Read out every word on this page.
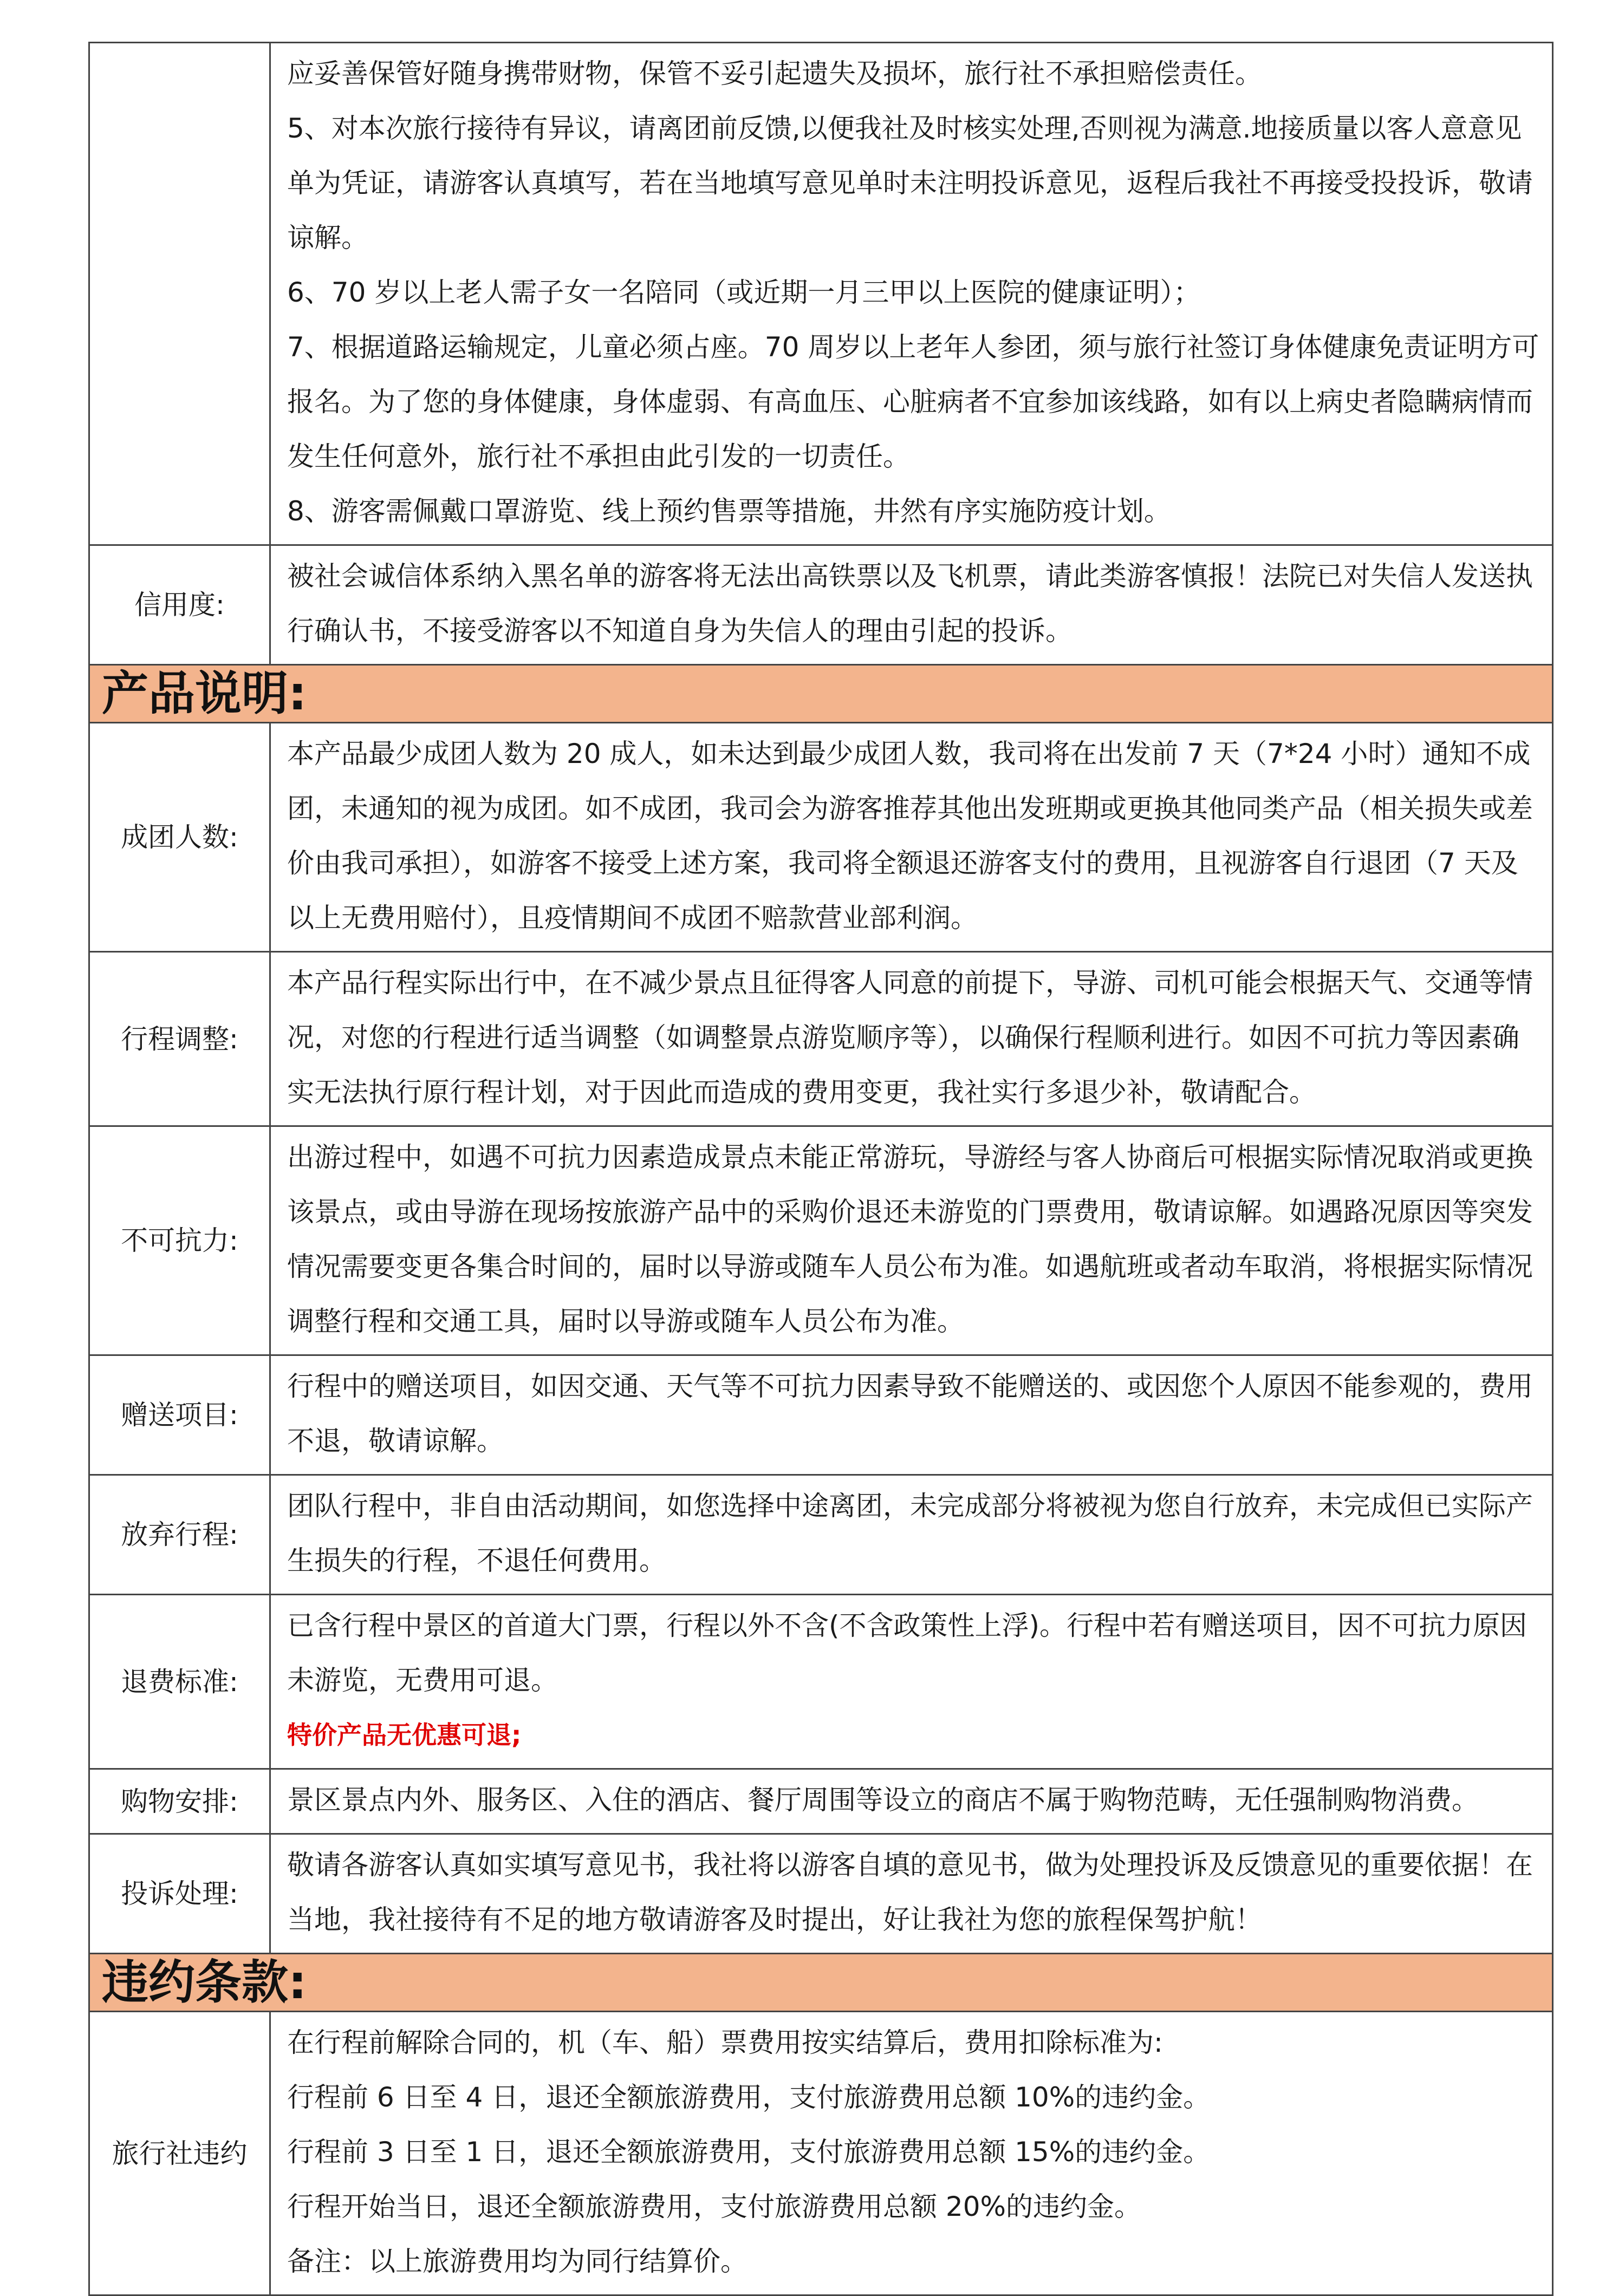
	应妥善保管好随身携带财物，保管不妥引起遗失及损坏，旅行社不承担赔偿责任。

5、对本次旅行接待有异议，请离团前反馈,以便我社及时核实处理,否则视为满意.地接质量以客人意意见单为凭证，请游客认真填写，若在当地填写意见单时未注明投诉意见，返程后我社不再接受投投诉，敬请谅解。

6、70 岁以上老人需子女一名陪同（或近期一月三甲以上医院的健康证明）；

7、根据道路运输规定，儿童必须占座。70 周岁以上老年人参团，须与旅行社签订身体健康免责证明方可报名。为了您的身体健康，身体虚弱、有高血压、心脏病者不宜参加该线路，如有以上病史者隐瞒病情而发生任何意外，旅行社不承担由此引发的一切责任。

8、游客需佩戴口罩游览、线上预约售票等措施，井然有序实施防疫计划。

信用度:	被社会诚信体系纳入黑名单的游客将无法出高铁票以及飞机票，请此类游客慎报！法院已对失信人发送执行确认书，不接受游客以不知道自身为失信人的理由引起的投诉。

产品说明:	
成团人数:	本产品最少成团人数为 20 成人，如未达到最少成团人数，我司将在出发前 7 天（7*24 小时）通知不成团，未通知的视为成团。如不成团，我司会为游客推荐其他出发班期或更换其他同类产品（相关损失或差价由我司承担），如游客不接受上述方案，我司将全额退还游客支付的费用，且视游客自行退团（7 天及以上无费用赔付），且疫情期间不成团不赔款营业部利润。

行程调整:	本产品行程实际出行中，在不减少景点且征得客人同意的前提下，导游、司机可能会根据天气、交通等情况，对您的行程进行适当调整（如调整景点游览顺序等），以确保行程顺利进行。如因不可抗力等因素确实无法执行原行程计划，对于因此而造成的费用变更，我社实行多退少补，敬请配合。

不可抗力:	出游过程中，如遇不可抗力因素造成景点未能正常游玩，导游经与客人协商后可根据实际情况取消或更换该景点，或由导游在现场按旅游产品中的采购价退还未游览的门票费用，敬请谅解。如遇路况原因等突发情况需要变更各集合时间的，届时以导游或随车人员公布为准。如遇航班或者动车取消，将根据实际情况调整行程和交通工具，届时以导游或随车人员公布为准。

赠送项目:	行程中的赠送项目，如因交通、天气等不可抗力因素导致不能赠送的、或因您个人原因不能参观的，费用不退，敬请谅解。

放弃行程:	团队行程中，非自由活动期间，如您选择中途离团，未完成部分将被视为您自行放弃，未完成但已实际产生损失的行程，不退任何费用。

退费标准:	已含行程中景区的首道大门票，行程以外不含(不含政策性上浮)。行程中若有赠送项目，因不可抗力原因未游览，无费用可退。

特价产品无优惠可退;

购物安排:	景区景点内外、服务区、入住的酒店、餐厅周围等设立的商店不属于购物范畴，无任强制购物消费。

投诉处理:	敬请各游客认真如实填写意见书，我社将以游客自填的意见书，做为处理投诉及反馈意见的重要依据！在当地，我社接待有不足的地方敬请游客及时提出，好让我社为您的旅程保驾护航！

违约条款:	
旅行社违约	在行程前解除合同的，机（车、船）票费用按实结算后，费用扣除标准为:

行程前 6 日至 4 日，退还全额旅游费用，支付旅游费用总额 10%的违约金。

行程前 3 日至 1 日，退还全额旅游费用，支付旅游费用总额 15%的违约金。

行程开始当日，退还全额旅游费用，支付旅游费用总额 20%的违约金。

备注：以上旅游费用均为同行结算价。
